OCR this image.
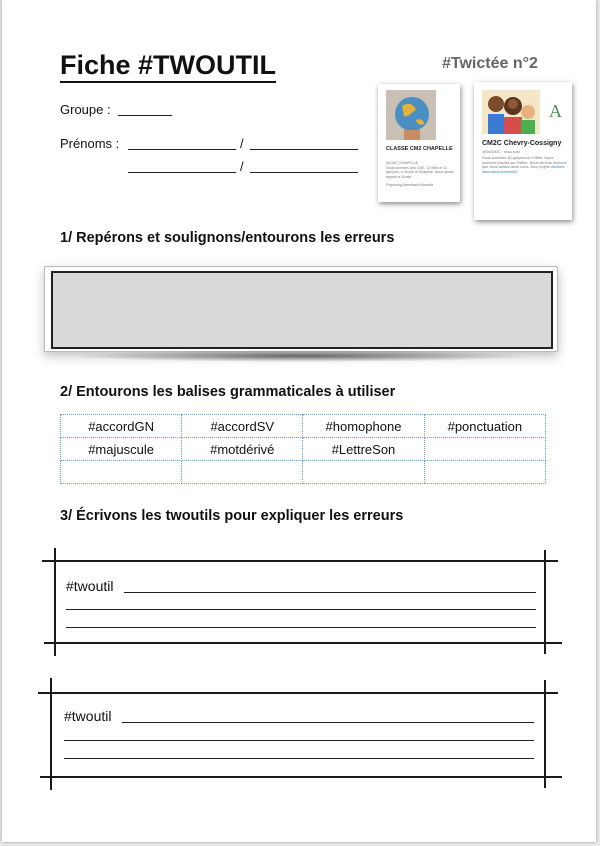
Fiche #TWOUTIL	#Twictée n°2
Groupe :
Prénoms :	/
/
CLASSE CM2 CHAPELLE
@CM2_CHAPELLE
Nous sommes des CM2, 13 filles et 11 garçons, à l'école la Chapelle. Nous avons appelé le Gratin
Flaymung Artembach Moselle
A
CM2C Chevry-Cossigny
@SixCM2C · nous suivi
Nous sommes 16 garçons et 9 filles. Nous sommes inscrits sur Twitter. Nous serions heureux que vous twittiez avec nous. Nos projets #twictée #atouslesnombresB2
1/ Repérons et soulignons/entourons les erreurs
2/ Entourons les balises grammaticales à utiliser
#accordGN	#accordSV	#homophone	#ponctuation
#majuscule	#motdérivé	#LettreSon	

3/ Écrivons les twoutils pour expliquer les erreurs
#twoutil
#twoutil
